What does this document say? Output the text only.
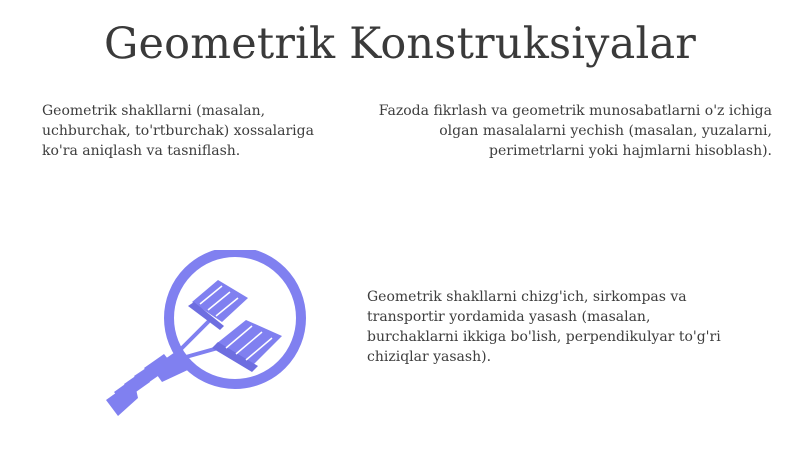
Geometrik Konstruksiyalar
Geometrik shakllarni (masalan, uchburchak, to'rtburchak) xossalariga ko'ra aniqlash va tasniflash.
Fazoda fikrlash va geometrik munosabatlarni o'z ichiga olgan masalalarni yechish (masalan, yuzalarni, perimetrlarni yoki hajmlarni hisoblash).
Geometrik shakllarni chizg'ich, sirkompas va transportir yordamida yasash (masalan, burchaklarni ikkiga bo'lish, perpendikulyar to'g'ri chiziqlar yasash).
